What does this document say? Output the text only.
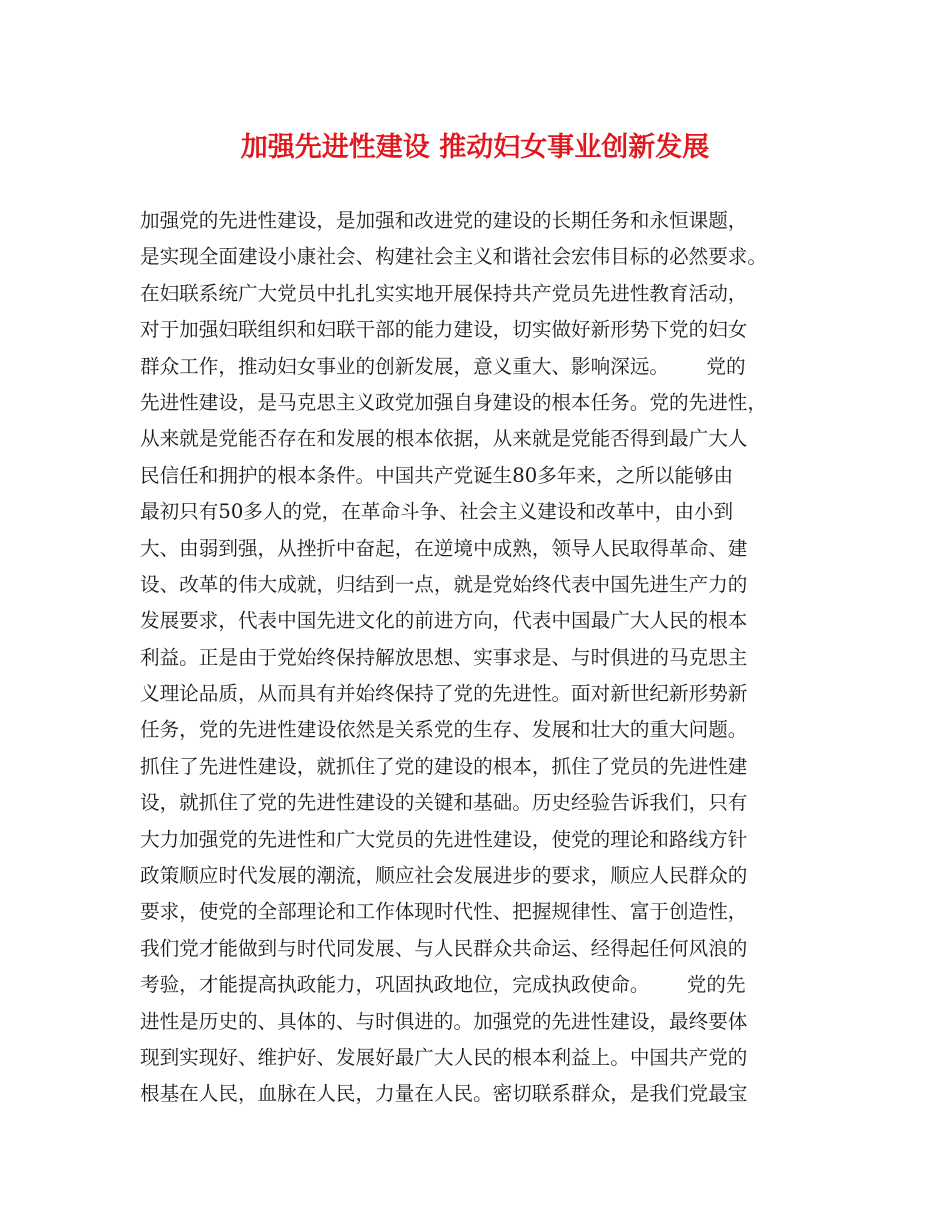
加强先进性建设 推动妇女事业创新发展
加强党的先进性建设，是加强和改进党的建设的长期任务和永恒课题，
是实现全面建设小康社会、构建社会主义和谐社会宏伟目标的必然要求。
在妇联系统广大党员中扎扎实实地开展保持共产党员先进性教育活动，
对于加强妇联组织和妇联干部的能力建设，切实做好新形势下党的妇女
群众工作，推动妇女事业的创新发展，意义重大、影响深远。      党的
先进性建设，是马克思主义政党加强自身建设的根本任务。党的先进性，
从来就是党能否存在和发展的根本依据，从来就是党能否得到最广大人
民信任和拥护的根本条件。中国共产党诞生80多年来，之所以能够由
最初只有50多人的党，在革命斗争、社会主义建设和改革中，由小到
大、由弱到强，从挫折中奋起，在逆境中成熟，领导人民取得革命、建
设、改革的伟大成就，归结到一点，就是党始终代表中国先进生产力的
发展要求，代表中国先进文化的前进方向，代表中国最广大人民的根本
利益。正是由于党始终保持解放思想、实事求是、与时俱进的马克思主
义理论品质，从而具有并始终保持了党的先进性。面对新世纪新形势新
任务，党的先进性建设依然是关系党的生存、发展和壮大的重大问题。
抓住了先进性建设，就抓住了党的建设的根本，抓住了党员的先进性建
设，就抓住了党的先进性建设的关键和基础。历史经验告诉我们，只有
大力加强党的先进性和广大党员的先进性建设，使党的理论和路线方针
政策顺应时代发展的潮流，顺应社会发展进步的要求，顺应人民群众的
要求，使党的全部理论和工作体现时代性、把握规律性、富于创造性，
我们党才能做到与时代同发展、与人民群众共命运、经得起任何风浪的
考验，才能提高执政能力，巩固执政地位，完成执政使命。      党的先
进性是历史的、具体的、与时俱进的。加强党的先进性建设，最终要体
现到实现好、维护好、发展好最广大人民的根本利益上。中国共产党的
根基在人民，血脉在人民，力量在人民。密切联系群众，是我们党最宝
